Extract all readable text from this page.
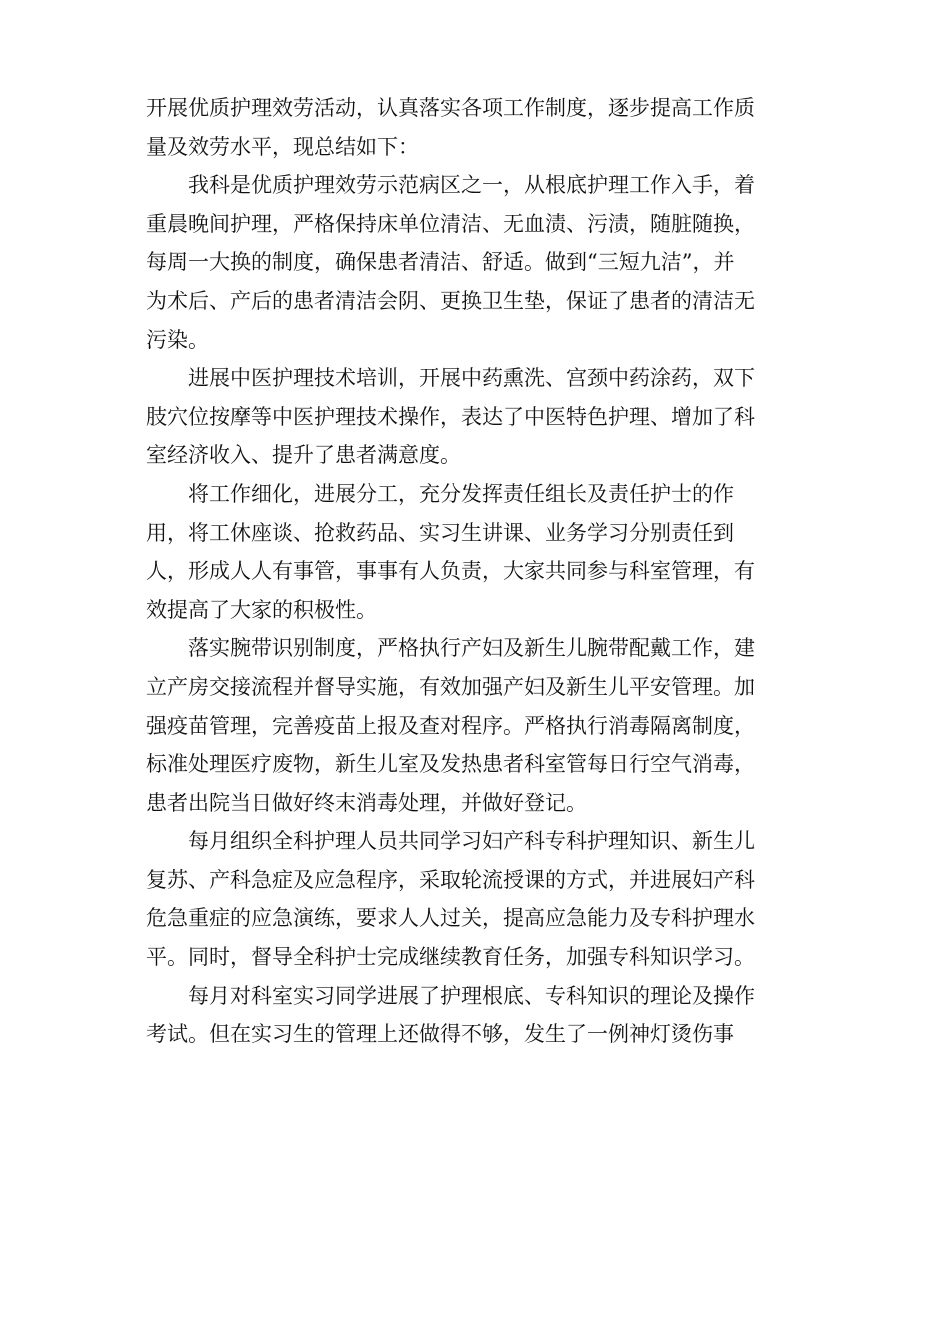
开展优质护理效劳活动，认真落实各项工作制度，逐步提高工作质
量及效劳水平，现总结如下：
我科是优质护理效劳示范病区之一，从根底护理工作入手，着
重晨晚间护理，严格保持床单位清洁、无血渍、污渍，随脏随换，
每周一大换的制度，确保患者清洁、舒适。做到“三短九洁”，并
为术后、产后的患者清洁会阴、更换卫生垫，保证了患者的清洁无
污染。
进展中医护理技术培训，开展中药熏洗、宫颈中药涂药，双下
肢穴位按摩等中医护理技术操作，表达了中医特色护理、增加了科
室经济收入、提升了患者满意度。
将工作细化，进展分工，充分发挥责任组长及责任护士的作
用，将工休座谈、抢救药品、实习生讲课、业务学习分别责任到
人，形成人人有事管，事事有人负责，大家共同参与科室管理，有
效提高了大家的积极性。
落实腕带识别制度，严格执行产妇及新生儿腕带配戴工作，建
立产房交接流程并督导实施，有效加强产妇及新生儿平安管理。加
强疫苗管理，完善疫苗上报及查对程序。严格执行消毒隔离制度，
标准处理医疗废物，新生儿室及发热患者科室管每日行空气消毒，
患者出院当日做好终末消毒处理，并做好登记。
每月组织全科护理人员共同学习妇产科专科护理知识、新生儿
复苏、产科急症及应急程序，采取轮流授课的方式，并进展妇产科
危急重症的应急演练，要求人人过关，提高应急能力及专科护理水
平。同时，督导全科护士完成继续教育任务，加强专科知识学习。
每月对科室实习同学进展了护理根底、专科知识的理论及操作
考试。但在实习生的管理上还做得不够，发生了一例神灯烫伤事
